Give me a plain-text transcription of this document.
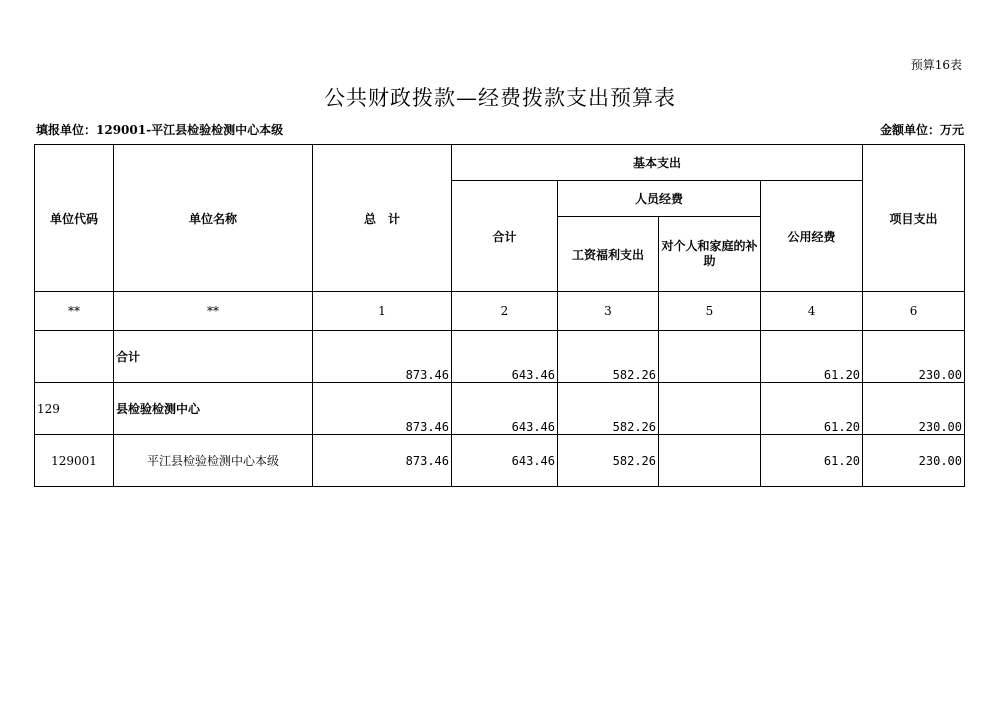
预算16表
公共财政拨款—经费拨款支出预算表
填报单位：129001-平江县检验检测中心本级	金额单位：万元
单位代码	单位名称	总　计	基本支出				项目支出
			合计	人员经费		公用经费	
				工资福利支出	对个人和家庭的补助		
**	**	1	2	3	5	4	6
	合计	873.46	643.46	582.26		61.20	230.00
129	县检验检测中心	873.46	643.46	582.26		61.20	230.00
129001	平江县检验检测中心本级	873.46	643.46	582.26		61.20	230.00
